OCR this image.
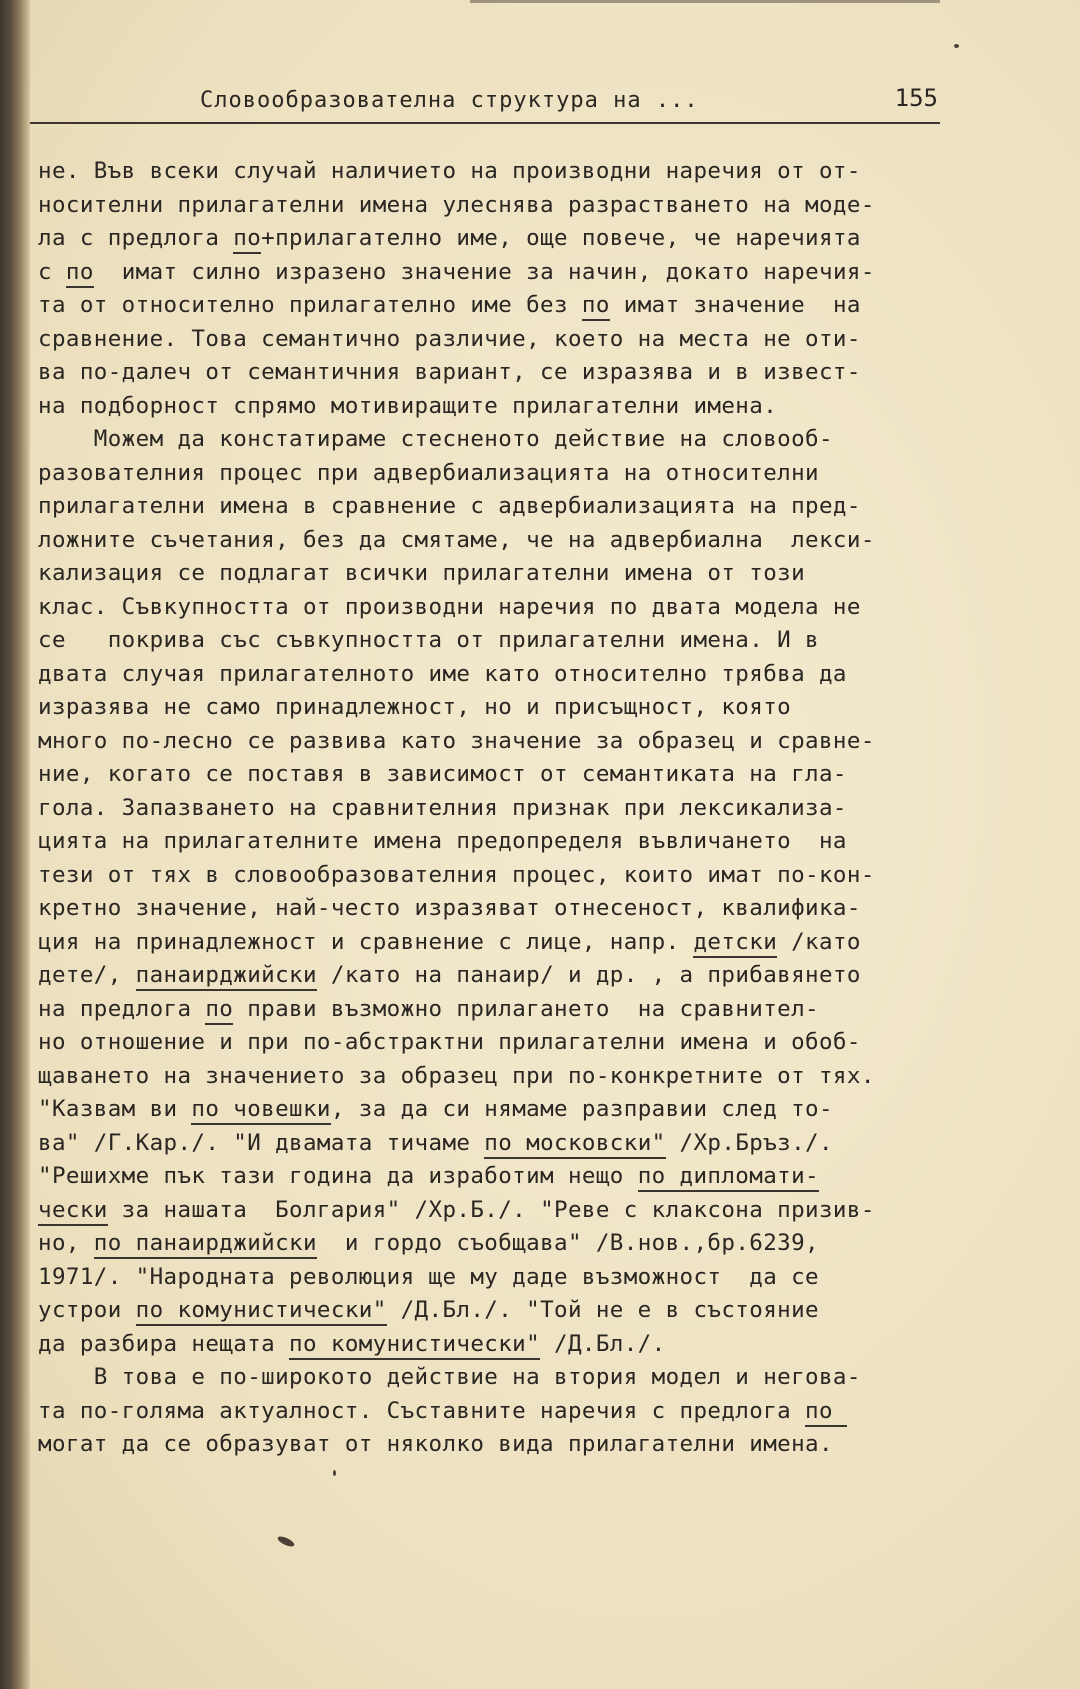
Словообразователна структура на ...	155
не. Във всеки случай наличието на производни наречия от от-
носителни прилагателни имена улеснява разрастването на моде-
ла с предлога по+прилагателно име, още повече, че наречията
с по  имат силно изразено значение за начин, докато наречия-
та от относително прилагателно име без по имат значение  на
сравнение. Това семантично различие, което на места не оти-
ва по-далеч от семантичния вариант, се изразява и в извест-
на подборност спрямо мотивиращите прилагателни имена.
Можем да констатираме стесненото действие на словооб-
разователния процес при адвербиализацията на относителни
прилагателни имена в сравнение с адвербиализацията на пред-
ложните съчетания, без да смятаме, че на адвербиална  лекси-
кализация се подлагат всички прилагателни имена от този
клас. Съвкупността от производни наречия по двата модела не
се   покрива със съвкупността от прилагателни имена. И в
двата случая прилагателното име като относително трябва да
изразява не само принадлежност, но и присъщност, която
много по-лесно се развива като значение за образец и сравне-
ние, когато се поставя в зависимост от семантиката на гла-
гола. Запазването на сравнителния признак при лексикализа-
цията на прилагателните имена предопределя въвличането  на
тези от тях в словообразователния процес, които имат по-кон-
кретно значение, най-често изразяват отнесеност, квалифика-
ция на принадлежност и сравнение с лице, напр. детски /като
дете/, панаирджийски /като на панаир/ и др. , а прибавянето
на предлога по прави възможно прилагането  на сравнител-
но отношение и при по-абстрактни прилагателни имена и обоб-
щаването на значението за образец при по-конкретните от тях.
"Казвам ви по човешки, за да си нямаме разправии след то-
ва" /Г.Кар./. "И двамата тичаме по московски" /Хр.Бръз./.
"Решихме пък тази година да изработим нещо по дипломати-
чески за нашата  Болгария" /Хр.Б./. "Реве с клаксона призив-
но, по панаирджийски  и гордо съобщава" /В.нов.,бр.6239,
1971/. "Народната революция ще му даде възможност  да се
устрои по комунистически" /Д.Бл./. "Той не е в състояние
да разбира нещата по комунистически" /Д.Бл./.
В това е по-широкото действие на втория модел и негова-
та по-голяма актуалност. Съставните наречия с предлога по
могат да се образуват от няколко вида прилагателни имена.
